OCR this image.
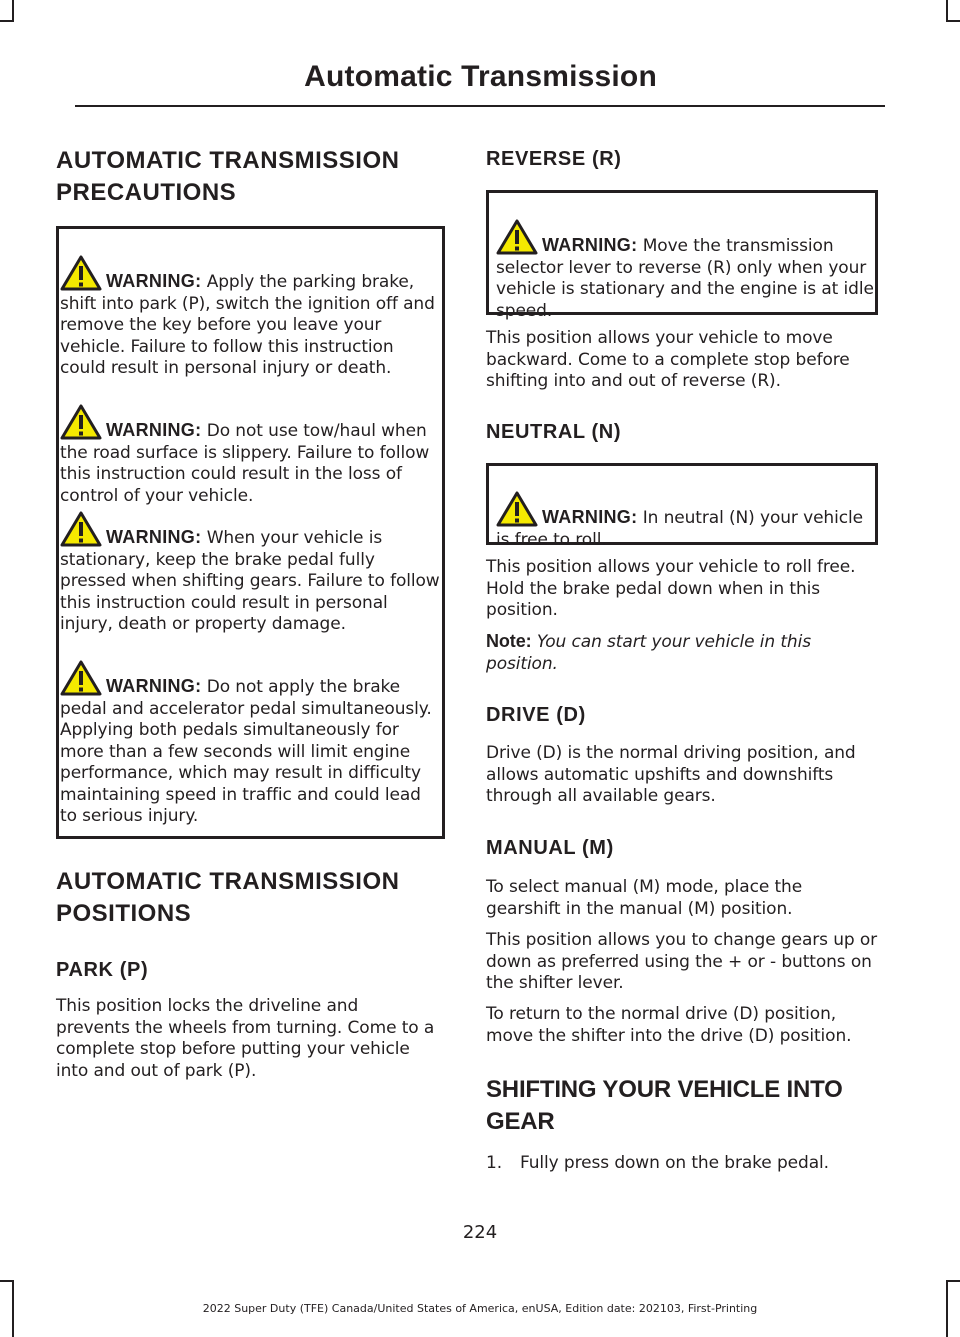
Automatic Transmission
AUTOMATIC TRANSMISSION PRECAUTIONS

WARNING: Apply the parking brake, shift into park (P), switch the ignition off and remove the key before you leave your vehicle. Failure to follow this instruction could result in personal injury or death.

WARNING: Do not use tow/haul when the road surface is slippery. Failure to follow this instruction could result in the loss of control of your vehicle.

WARNING: When your vehicle is stationary, keep the brake pedal fully pressed when shifting gears. Failure to follow this instruction could result in personal injury, death or property damage.

WARNING: Do not apply the brake pedal and accelerator pedal simultaneously. Applying both pedals simultaneously for more than a few seconds will limit engine performance, which may result in difficulty maintaining speed in traffic and could lead to serious injury.

AUTOMATIC TRANSMISSION POSITIONS
PARK (P)

This position locks the driveline and prevents the wheels from turning. Come to a complete stop before putting your vehicle into and out of park (P).

REVERSE (R)

WARNING: Move the transmission selector lever to reverse (R) only when your vehicle is stationary and the engine is at idle speed.

This position allows your vehicle to move backward. Come to a complete stop before shifting into and out of reverse (R).

NEUTRAL (N)

WARNING: In neutral (N) your vehicle is free to roll.

This position allows your vehicle to roll free. Hold the brake pedal down when in this position.

Note: You can start your vehicle in this position.

DRIVE (D)

Drive (D) is the normal driving position, and allows automatic upshifts and downshifts through all available gears.

MANUAL (M)

To select manual (M) mode, place the gearshift in the manual (M) position.

This position allows you to change gears up or down as preferred using the + or - buttons on the shifter lever.

To return to the normal drive (D) position, move the shifter into the drive (D) position.

SHIFTING YOUR VEHICLE INTO GEAR

1. Fully press down on the brake pedal.

224

2022 Super Duty (TFE) Canada/United States of America, enUSA, Edition date: 202103, First-Printing
